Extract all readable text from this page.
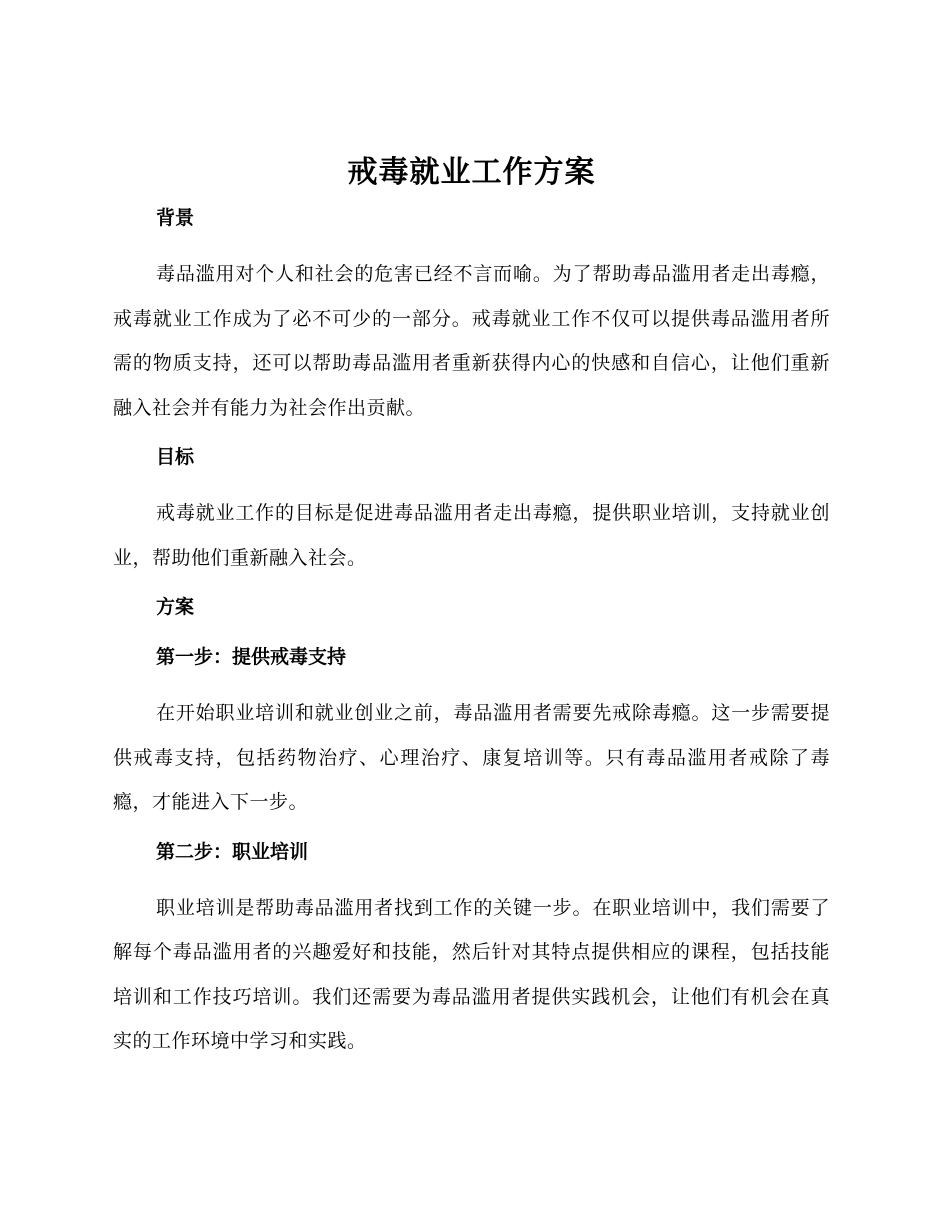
戒毒就业工作方案
背景

毒品滥用对个人和社会的危害已经不言而喻。为了帮助毒品滥用者走出毒瘾，戒毒就业工作成为了必不可少的一部分。戒毒就业工作不仅可以提供毒品滥用者所需的物质支持，还可以帮助毒品滥用者重新获得内心的快感和自信心，让他们重新融入社会并有能力为社会作出贡献。

目标

戒毒就业工作的目标是促进毒品滥用者走出毒瘾，提供职业培训，支持就业创业，帮助他们重新融入社会。

方案
第一步：提供戒毒支持

在开始职业培训和就业创业之前，毒品滥用者需要先戒除毒瘾。这一步需要提供戒毒支持，包括药物治疗、心理治疗、康复培训等。只有毒品滥用者戒除了毒瘾，才能进入下一步。

第二步：职业培训

职业培训是帮助毒品滥用者找到工作的关键一步。在职业培训中，我们需要了解每个毒品滥用者的兴趣爱好和技能，然后针对其特点提供相应的课程，包括技能培训和工作技巧培训。我们还需要为毒品滥用者提供实践机会，让他们有机会在真实的工作环境中学习和实践。
